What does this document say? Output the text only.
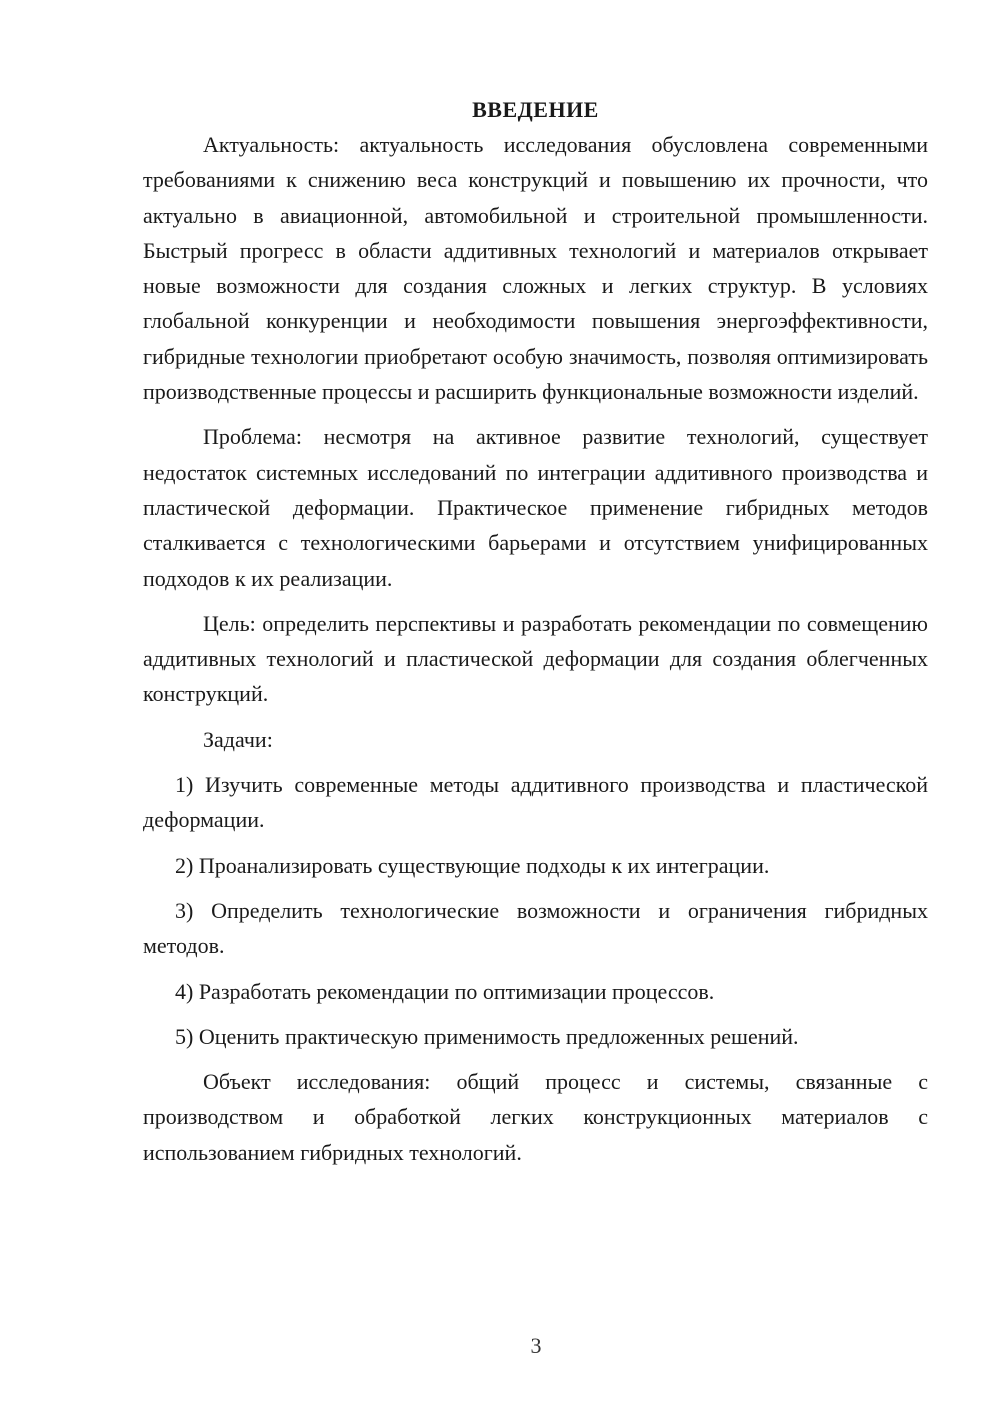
ВВЕДЕНИЕ

Актуальность: актуальность исследования обусловлена современными требованиями к снижению веса конструкций и повышению их прочности, что актуально в авиационной, автомобильной и строительной промышленности. Быстрый прогресс в области аддитивных технологий и материалов открывает новые возможности для создания сложных и легких структур. В условиях глобальной конкуренции и необходимости повышения энергоэффективности, гибридные технологии приобретают особую значимость, позволяя оптимизировать производственные процессы и расширить функциональные возможности изделий.

Проблема: несмотря на активное развитие технологий, существует недостаток системных исследований по интеграции аддитивного производства и пластической деформации. Практическое применение гибридных методов сталкивается с технологическими барьерами и отсутствием унифицированных подходов к их реализации.

Цель: определить перспективы и разработать рекомендации по совмещению аддитивных технологий и пластической деформации для создания облегченных конструкций.

Задачи:

1) Изучить современные методы аддитивного производства и пластической деформации.

2) Проанализировать существующие подходы к их интеграции.

3) Определить технологические возможности и ограничения гибридных методов.

4) Разработать рекомендации по оптимизации процессов.

5) Оценить практическую применимость предложенных решений.

Объект исследования: общий процесс и системы, связанные с производством и обработкой легких конструкционных материалов с использованием гибридных технологий.

3
